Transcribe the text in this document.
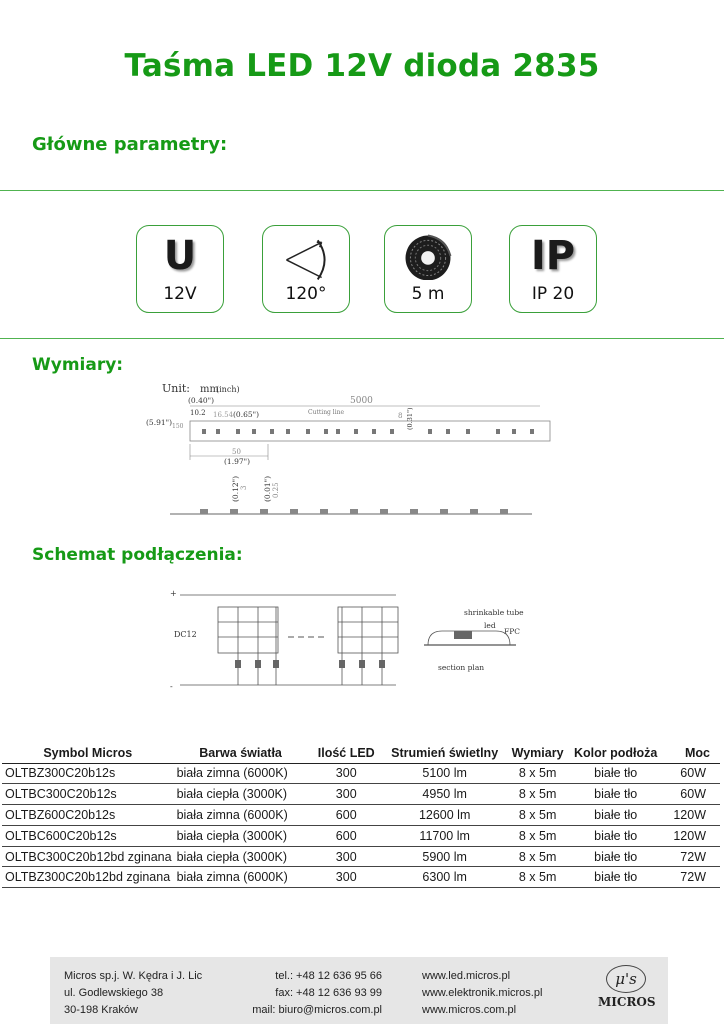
Taśma LED 12V dioda 2835
Główne parametry:
U
12V	120°	5 m
IP
IP 20
Wymiary:
Unit: mm
(inch)
(0.40")	5000
10.2 16.54 (0.65")	Cutting line	8 (0.31")
(5.91") 150
50
(1.97")
(0.12") 3 (0.01") 0.25
Schemat podłączenia:
+
-
DC12
shrinkable tube
led
FPC
section plan
Symbol Micros	Barwa światła	Ilość LED	Strumień świetlny	Wymiary	Kolor podłoża	Moc
OLTBZ300C20b12s	biała zimna (6000K)	300	5100 lm	8 x 5m	białe tło	60W
OLTBC300C20b12s	biała ciepła (3000K)	300	4950 lm	8 x 5m	białe tło	60W
OLTBZ600C20b12s	biała zimna (6000K)	600	12600 lm	8 x 5m	białe tło	120W
OLTBC600C20b12s	biała ciepła (3000K)	600	11700 lm	8 x 5m	białe tło	120W
OLTBC300C20b12bd zginana	biała ciepła (3000K)	300	5900 lm	8 x 5m	białe tło	72W
OLTBZ300C20b12bd zginana	biała zimna (6000K)	300	6300 lm	8 x 5m	białe tło	72W
Micros sp.j. W. Kędra i J. Lic
ul. Godlewskiego 38
30-198 Kraków
tel.: +48 12 636 95 66
fax: +48 12 636 93 99
mail: biuro@micros.com.pl
www.led.micros.pl
www.elektronik.micros.pl
www.micros.com.pl
μ's
MICROS
